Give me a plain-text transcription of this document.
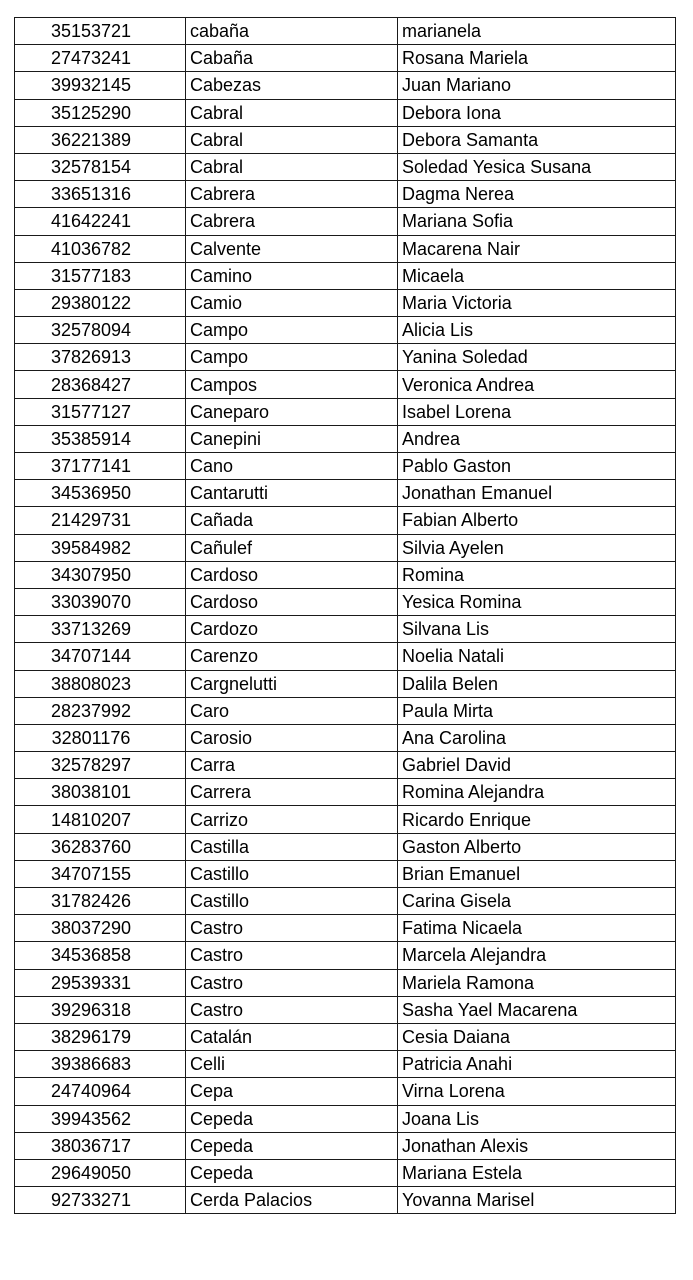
35153721	cabaña	marianela
27473241	Cabaña	Rosana Mariela
39932145	Cabezas	Juan Mariano
35125290	Cabral	Debora Iona
36221389	Cabral	Debora Samanta
32578154	Cabral	Soledad Yesica Susana
33651316	Cabrera	Dagma Nerea
41642241	Cabrera	Mariana Sofia
41036782	Calvente	Macarena Nair
31577183	Camino	Micaela
29380122	Camio	Maria Victoria
32578094	Campo	Alicia Lis
37826913	Campo	Yanina Soledad
28368427	Campos	Veronica Andrea
31577127	Caneparo	Isabel Lorena
35385914	Canepini	Andrea
37177141	Cano	Pablo Gaston
34536950	Cantarutti	Jonathan Emanuel
21429731	Cañada	Fabian Alberto
39584982	Cañulef	Silvia Ayelen
34307950	Cardoso	Romina
33039070	Cardoso	Yesica Romina
33713269	Cardozo	Silvana Lis
34707144	Carenzo	Noelia Natali
38808023	Cargnelutti	Dalila Belen
28237992	Caro	Paula Mirta
32801176	Carosio	Ana Carolina
32578297	Carra	Gabriel David
38038101	Carrera	Romina Alejandra
14810207	Carrizo	Ricardo Enrique
36283760	Castilla	Gaston Alberto
34707155	Castillo	Brian Emanuel
31782426	Castillo	Carina Gisela
38037290	Castro	Fatima Nicaela
34536858	Castro	Marcela Alejandra
29539331	Castro	Mariela Ramona
39296318	Castro	Sasha Yael Macarena
38296179	Catalán	Cesia Daiana
39386683	Celli	Patricia Anahi
24740964	Cepa	Virna Lorena
39943562	Cepeda	Joana Lis
38036717	Cepeda	Jonathan Alexis
29649050	Cepeda	Mariana Estela
92733271	Cerda Palacios	Yovanna Marisel
